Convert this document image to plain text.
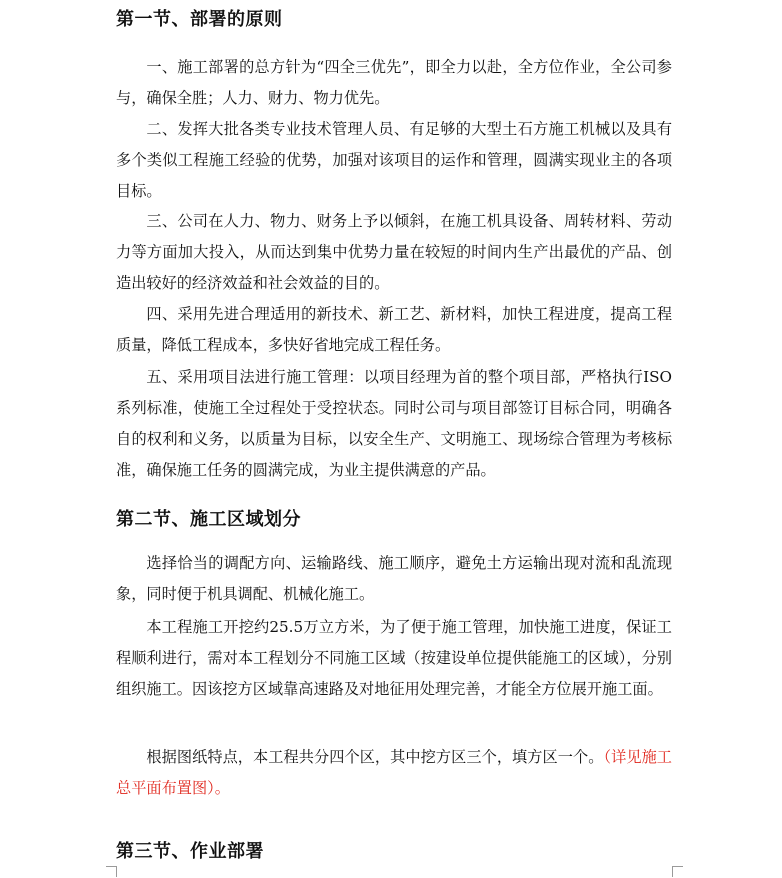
第一节、部署的原则

一、施工部署的总方针为“四全三优先”，即全力以赴，全方位作业，全公司参与，确保全胜；人力、财力、物力优先。

二、发挥大批各类专业技术管理人员、有足够的大型土石方施工机械以及具有多个类似工程施工经验的优势，加强对该项目的运作和管理，圆满实现业主的各项目标。

三、公司在人力、物力、财务上予以倾斜，在施工机具设备、周转材料、劳动力等方面加大投入，从而达到集中优势力量在较短的时间内生产出最优的产品、创造出较好的经济效益和社会效益的目的。

四、采用先进合理适用的新技术、新工艺、新材料，加快工程进度，提高工程质量，降低工程成本，多快好省地完成工程任务。

五、采用项目法进行施工管理：以项目经理为首的整个项目部，严格执行ISO系列标准，使施工全过程处于受控状态。同时公司与项目部签订目标合同，明确各自的权利和义务，以质量为目标，以安全生产、文明施工、现场综合管理为考核标准，确保施工任务的圆满完成，为业主提供满意的产品。

第二节、施工区域划分

选择恰当的调配方向、运输路线、施工顺序，避免土方运输出现对流和乱流现象，同时便于机具调配、机械化施工。

本工程施工开挖约25.5万立方米，为了便于施工管理，加快施工进度，保证工程顺利进行，需对本工程划分不同施工区域（按建设单位提供能施工的区域），分别组织施工。因该挖方区域靠高速路及对地征用处理完善，才能全方位展开施工面。

根据图纸特点，本工程共分四个区，其中挖方区三个，填方区一个。（详见施工总平面布置图）。

第三节、作业部署
